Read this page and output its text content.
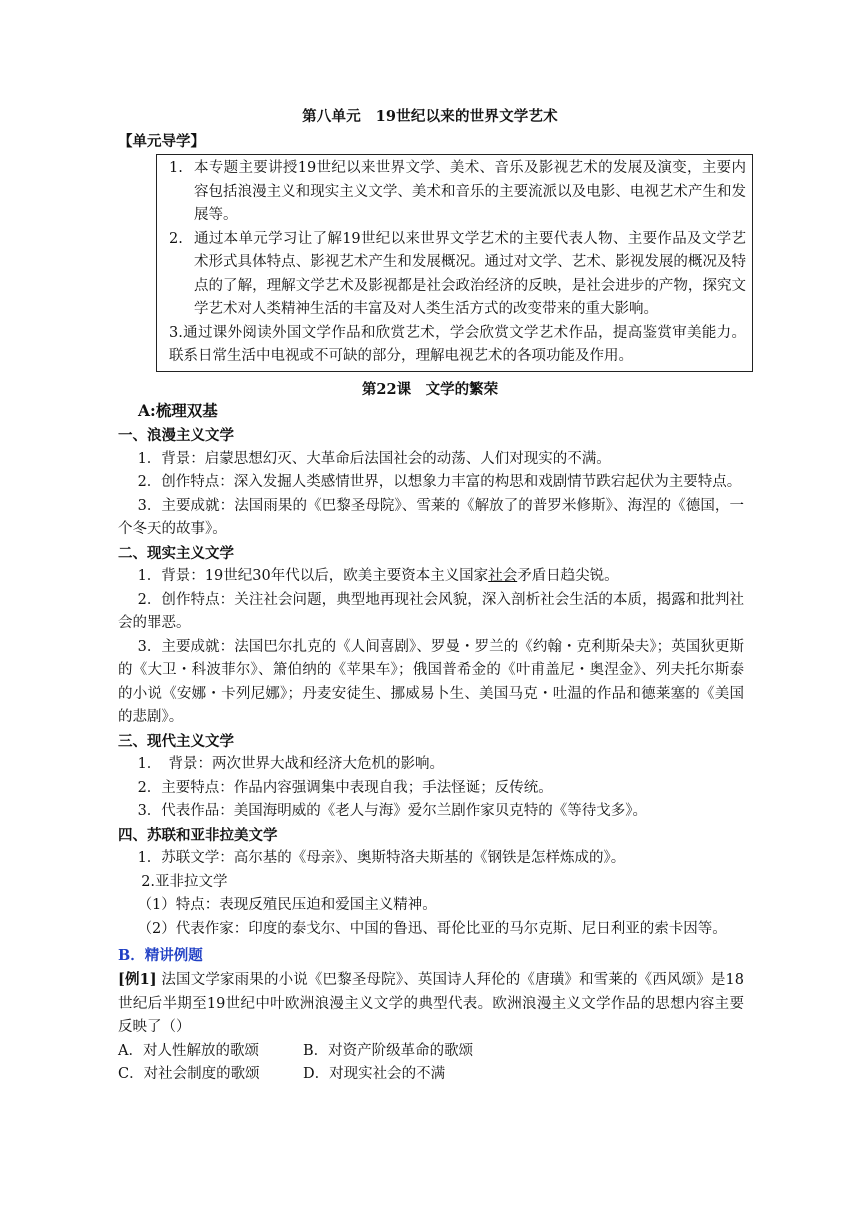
第八单元　19世纪以来的世界文学艺术
【单元导学】
1. 本专题主要讲授19世纪以来世界文学、美术、音乐及影视艺术的发展及演变，主要内容包括浪漫主义和现实主义文学、美术和音乐的主要流派以及电影、电视艺术产生和发展等。
2. 通过本单元学习让了解19世纪以来世界文学艺术的主要代表人物、主要作品及文学艺术形式具体特点、影视艺术产生和发展概况。通过对文学、艺术、影视发展的概况及特点的了解，理解文学艺术及影视都是社会政治经济的反映，是社会进步的产物，探究文学艺术对人类精神生活的丰富及对人类生活方式的改变带来的重大影响。
3.通过课外阅读外国文学作品和欣赏艺术，学会欣赏文学艺术作品，提高鉴赏审美能力。联系日常生活中电视或不可缺的部分，理解电视艺术的各项功能及作用。
第22课　文学的繁荣
A:梳理双基
一、浪漫主义文学

1．背景：启蒙思想幻灭、大革命后法国社会的动荡、人们对现实的不满。

2．创作特点：深入发掘人类感情世界，以想象力丰富的构思和戏剧情节跌宕起伏为主要特点。

3．主要成就：法国雨果的《巴黎圣母院》、雪莱的《解放了的普罗米修斯》、海涅的《德国，一个冬天的故事》。

二、现实主义文学

1．背景：19世纪30年代以后，欧美主要资本主义国家社会矛盾日趋尖锐。

2．创作特点：关注社会问题，典型地再现社会风貌，深入剖析社会生活的本质，揭露和批判社会的罪恶。

3．主要成就：法国巴尔扎克的《人间喜剧》、罗曼・罗兰的《约翰・克利斯朵夫》；英国狄更斯的《大卫・科波菲尔》、箫伯纳的《苹果车》；俄国普希金的《叶甫盖尼・奥涅金》、列夫托尔斯泰的小说《安娜・卡列尼娜》；丹麦安徒生、挪威易卜生、美国马克・吐温的作品和德莱塞的《美国的悲剧》。

三、现代主义文学

1．　背景：两次世界大战和经济大危机的影响。

2．主要特点：作品内容强调集中表现自我；手法怪诞；反传统。

3．代表作品：美国海明威的《老人与海》爱尔兰剧作家贝克特的《等待戈多》。

四、苏联和亚非拉美文学

1．苏联文学：高尔基的《母亲》、奥斯特洛夫斯基的《钢铁是怎样炼成的》。

2.亚非拉文学

（1）特点：表现反殖民压迫和爱国主义精神。

（2）代表作家：印度的泰戈尔、中国的鲁迅、哥伦比亚的马尔克斯、尼日利亚的索卡因等。

B．精讲例题

[例1] 法国文学家雨果的小说《巴黎圣母院》、英国诗人拜伦的《唐璜》和雪莱的《西风颂》是18世纪后半期至19世纪中叶欧洲浪漫主义文学的典型代表。欧洲浪漫主义文学作品的思想内容主要反映了（）

A．对人性解放的歌颂	B．对资产阶级革命的歌颂
C．对社会制度的歌颂	D．对现实社会的不满
